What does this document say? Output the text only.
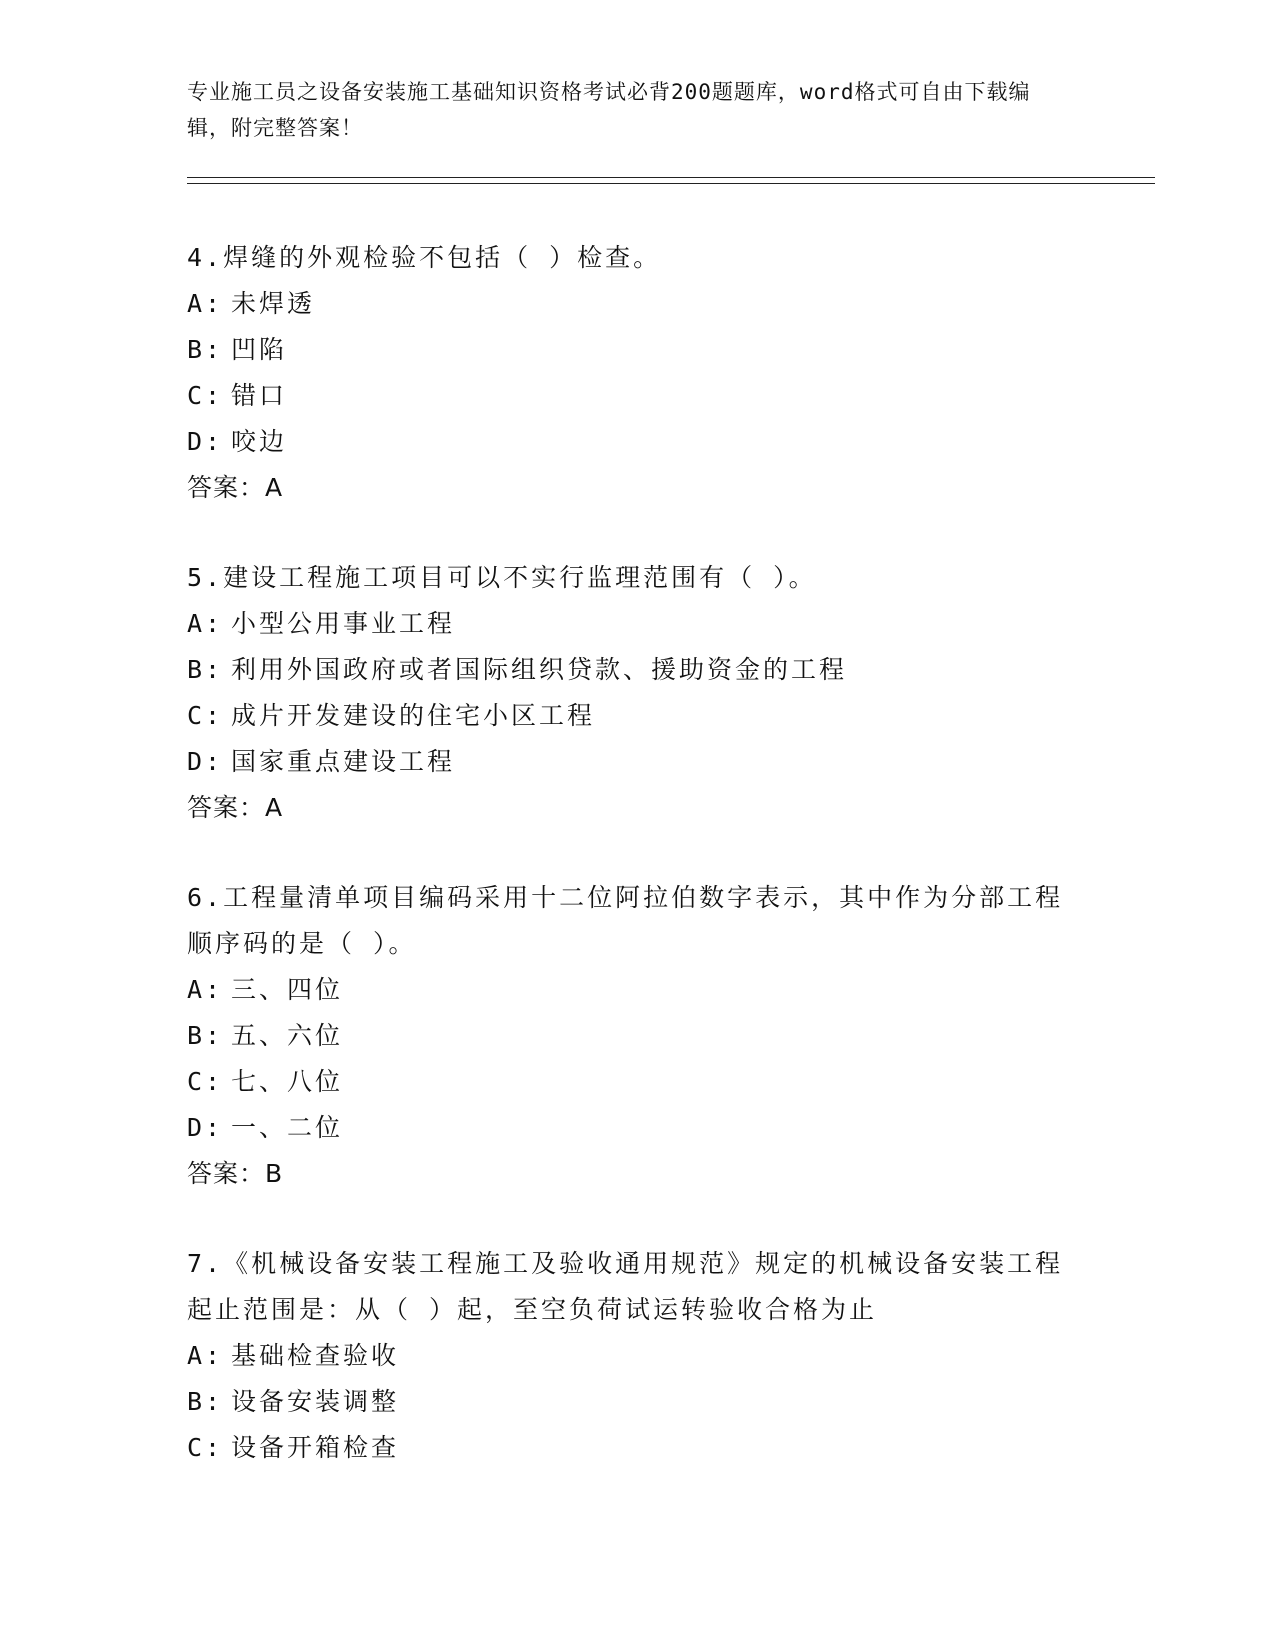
专业施工员之设备安装施工基础知识资格考试必背200题题库，word格式可自由下载编辑，附完整答案！

4.焊缝的外观检验不包括（ ）检查。

A: 未焊透

B: 凹陷

C: 错口

D: 咬边

答案：A

5.建设工程施工项目可以不实行监理范围有（ ）。

A: 小型公用事业工程

B: 利用外国政府或者国际组织贷款、援助资金的工程

C: 成片开发建设的住宅小区工程

D: 国家重点建设工程

答案：A

6.工程量清单项目编码采用十二位阿拉伯数字表示，其中作为分部工程顺序码的是（ ）。

A: 三、四位

B: 五、六位

C: 七、八位

D: 一、二位

答案：B

7.《机械设备安装工程施工及验收通用规范》规定的机械设备安装工程起止范围是：从（ ）起，至空负荷试运转验收合格为止

A: 基础检查验收

B: 设备安装调整

C: 设备开箱检查
